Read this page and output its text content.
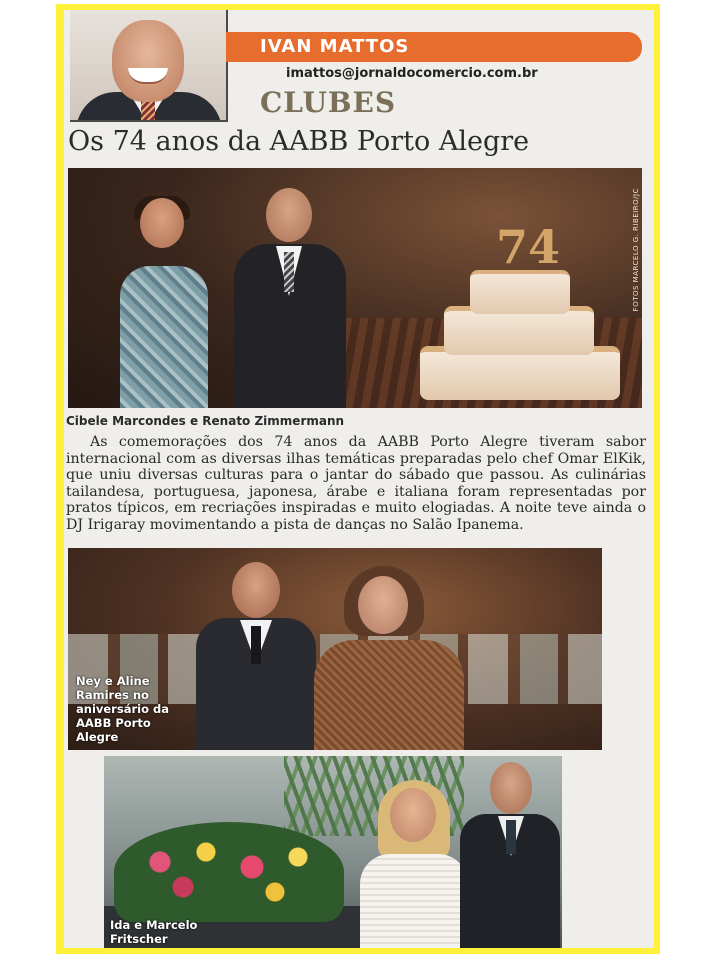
IVAN MATTOS
imattos@jornaldocomercio.com.br
CLUBES
Os 74 anos da AABB Porto Alegre
74	FOTOS MARCELO G. RIBEIRO/JC
Cibele Marcondes e Renato Zimmermann
As comemorações dos 74 anos da AABB Porto Alegre tiveram sabor internacional com as diversas ilhas temáticas preparadas pelo chef Omar ElKik, que uniu diversas culturas para o jantar do sábado que passou. As culinárias tailandesa, portuguesa, japonesa, árabe e italiana foram representadas por pratos típicos, em recriações inspiradas e muito elogiadas. A noite teve ainda o DJ Irigaray movimentando a pista de danças no Salão Ipanema.
Ney e Aline Ramires no aniversário da AABB Porto Alegre
Ida e Marcelo Fritscher
